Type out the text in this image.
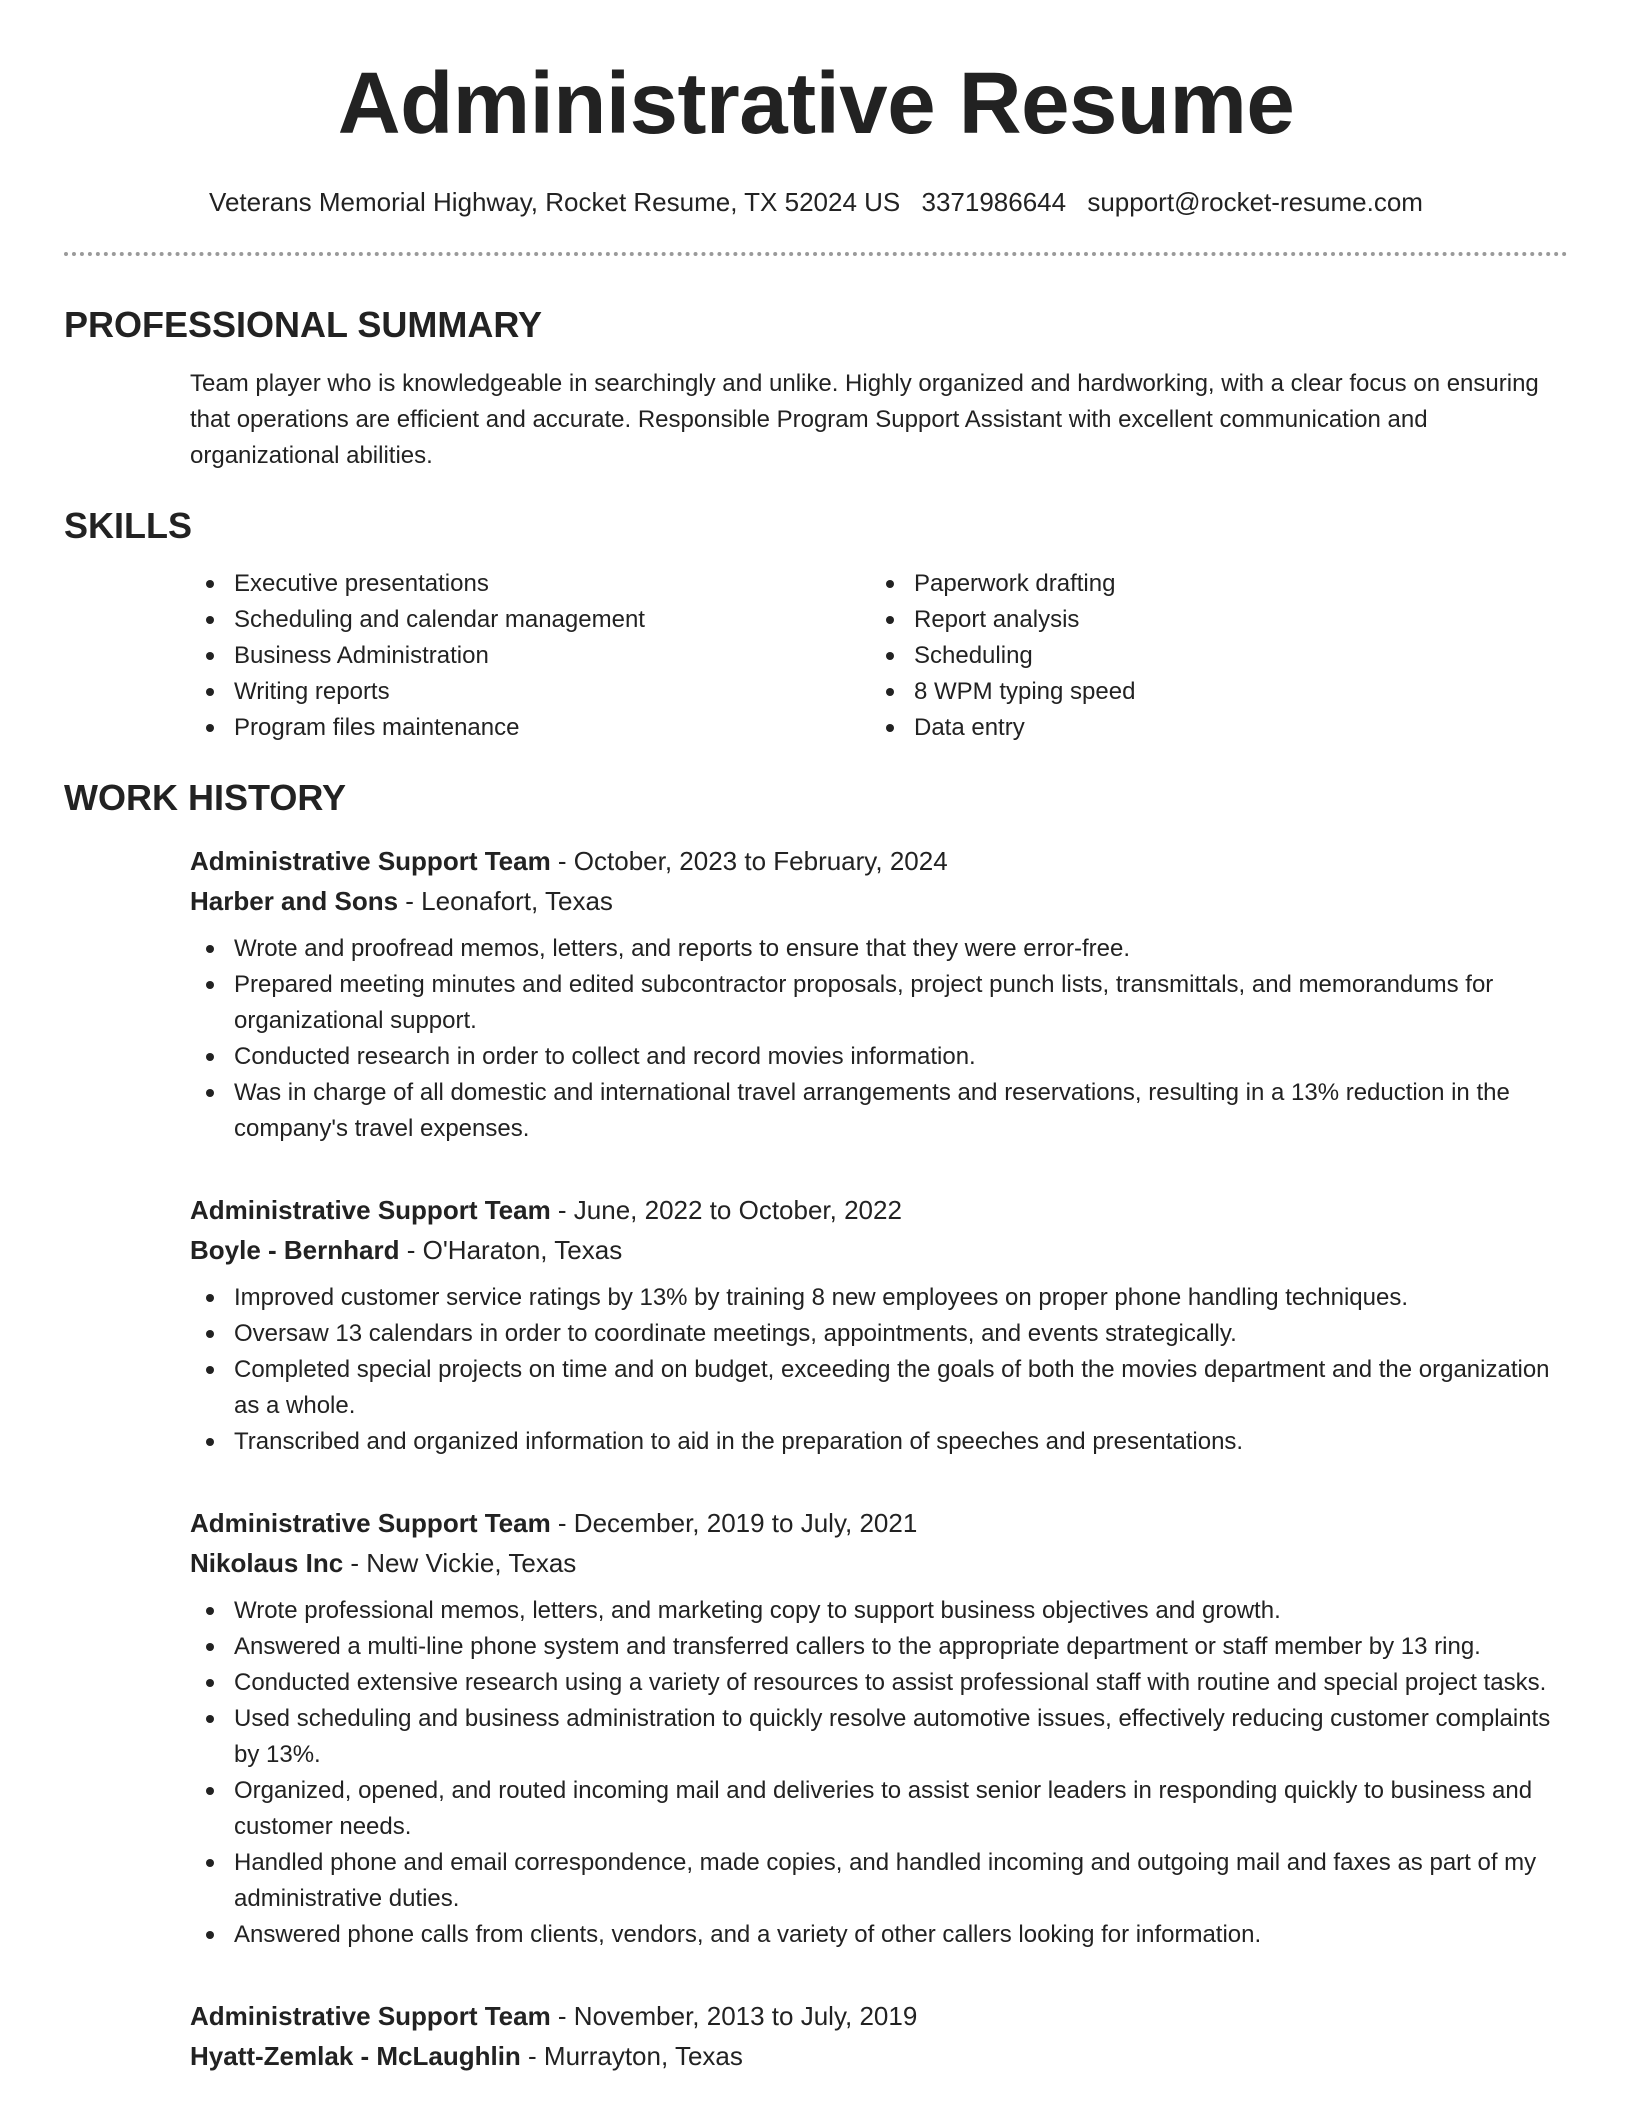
Administrative Resume
Veterans Memorial Highway, Rocket Resume, TX 52024 US 3371986644 support@rocket-resume.com
PROFESSIONAL SUMMARY
Team player who is knowledgeable in searchingly and unlike. Highly organized and hardworking, with a clear focus on ensuring that operations are efficient and accurate. Responsible Program Support Assistant with excellent communication and organizational abilities.
SKILLS
Executive presentations
Scheduling and calendar management
Business Administration
Writing reports
Program files maintenance
Paperwork drafting
Report analysis
Scheduling
8 WPM typing speed
Data entry
WORK HISTORY
Administrative Support Team - October, 2023 to February, 2024
Harber and Sons - Leonafort, Texas
Wrote and proofread memos, letters, and reports to ensure that they were error-free.
Prepared meeting minutes and edited subcontractor proposals, project punch lists, transmittals, and memorandums for organizational support.
Conducted research in order to collect and record movies information.
Was in charge of all domestic and international travel arrangements and reservations, resulting in a 13% reduction in the company's travel expenses.
Administrative Support Team - June, 2022 to October, 2022
Boyle - Bernhard - O'Haraton, Texas
Improved customer service ratings by 13% by training 8 new employees on proper phone handling techniques.
Oversaw 13 calendars in order to coordinate meetings, appointments, and events strategically.
Completed special projects on time and on budget, exceeding the goals of both the movies department and the organization as a whole.
Transcribed and organized information to aid in the preparation of speeches and presentations.
Administrative Support Team - December, 2019 to July, 2021
Nikolaus Inc - New Vickie, Texas
Wrote professional memos, letters, and marketing copy to support business objectives and growth.
Answered a multi-line phone system and transferred callers to the appropriate department or staff member by 13 ring.
Conducted extensive research using a variety of resources to assist professional staff with routine and special project tasks.
Used scheduling and business administration to quickly resolve automotive issues, effectively reducing customer complaints by 13%.
Organized, opened, and routed incoming mail and deliveries to assist senior leaders in responding quickly to business and customer needs.
Handled phone and email correspondence, made copies, and handled incoming and outgoing mail and faxes as part of my administrative duties.
Answered phone calls from clients, vendors, and a variety of other callers looking for information.
Administrative Support Team - November, 2013 to July, 2019
Hyatt-Zemlak - McLaughlin - Murrayton, Texas
